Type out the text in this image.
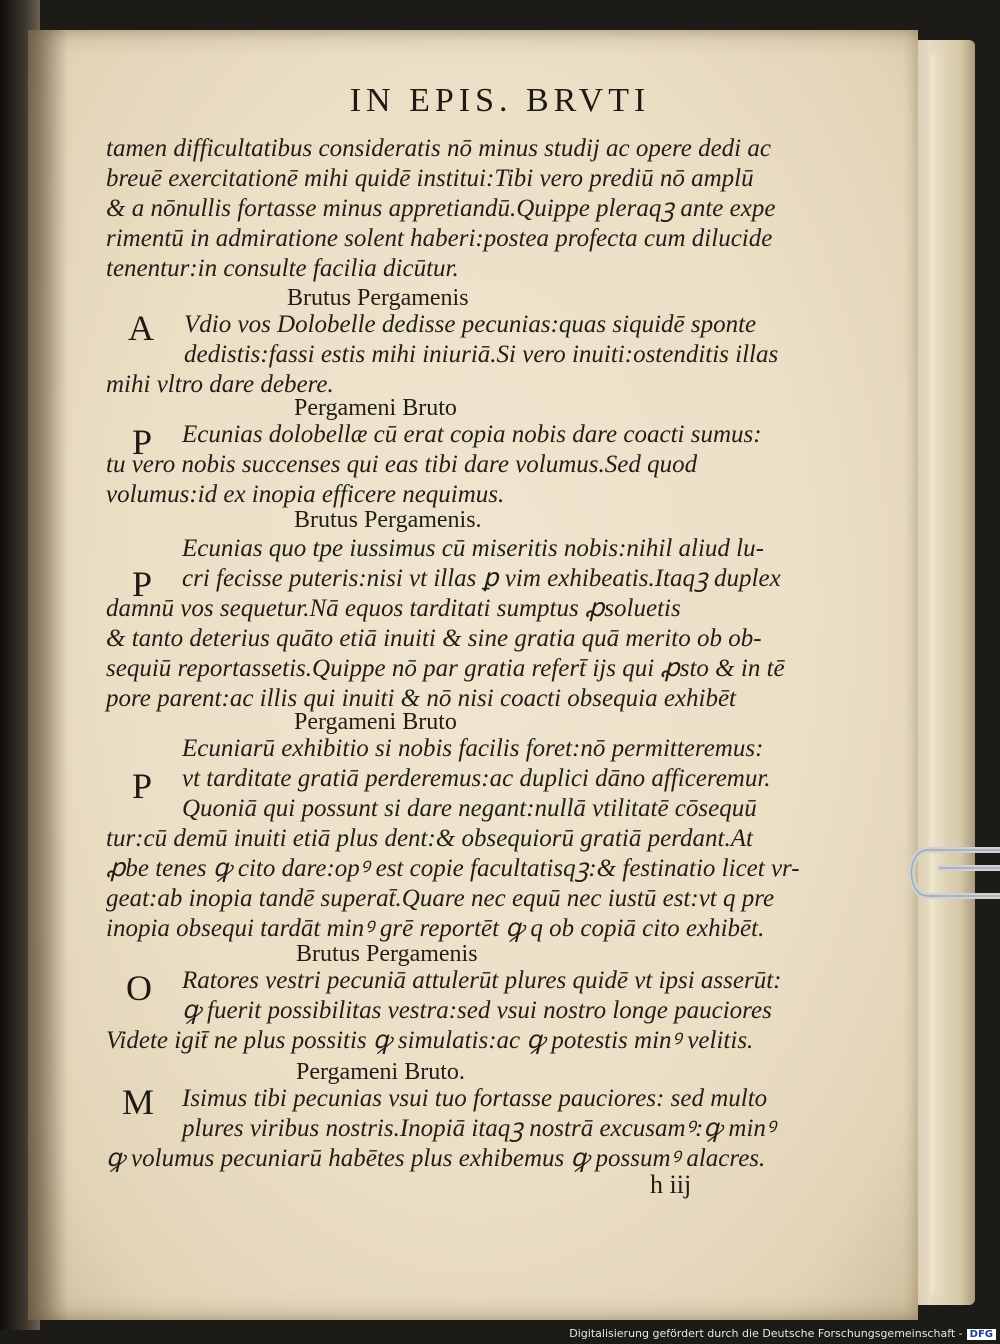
IN EPIS. BRVTI
tamen difficultatibus consideratis nō minus studij ac opere dedi ac
breuē exercitationē mihi quidē institui:Tibi vero prediū nō amplū
& a nōnullis fortasse minus appretiandū.Quippe pleraqꝫ ante expe
rimentū in admiratione solent haberi:postea profecta cum dilucide
tenentur:in consulte facilia dicūtur.
Brutus Pergamenis
A Vdio vos Dolobelle dedisse pecunias:quas siquidē sponte
dedistis:fassi estis mihi iniuriā.Si vero inuiti:ostenditis illas
mihi vltro dare debere.
Pergameni Bruto
P Ecunias dolobellæ cū erat copia nobis dare coacti sumus:
tu vero nobis succenses qui eas tibi dare volumus.Sed quod
volumus:id ex inopia efficere nequimus.
Brutus Pergamenis.
P
Ecunias quo tpe iussimus cū miseritis nobis:nihil aliud lu-
cri fecisse puteris:nisi vt illas ꝑ vim exhibeatis.Itaqꝫ duplex
damnū vos sequetur.Nā equos tarditati sumptus ꝓsoluetis
& tanto deterius quāto etiā inuiti & sine gratia quā merito ob ob-
sequiū reportassetis.Quippe nō par gratia refert̄ ijs qui ꝓsto & in tē
pore parent:ac illis qui inuiti & nō nisi coacti obsequia exhibēt
Pergameni Bruto
P
Ecuniarū exhibitio si nobis facilis foret:nō permitteremus:
vt tarditate gratiā perderemus:ac duplici dāno afficeremur.
Quoniā qui possunt si dare negant:nullā vtilitatē cōsequū
tur:cū demū inuiti etiā plus dent:& obsequiorū gratiā perdant.At
ꝓbe tenes ꝙ cito dare:opꝰ est copie facultatisqꝫ:& festinatio licet vr-
geat:ab inopia tandē superat̄.Quare nec equū nec iustū est:vt q pre
inopia obsequi tardāt minꝰ grē reportēt ꝙ q ob copiā cito exhibēt.
Brutus Pergamenis
O Ratores vestri pecuniā attulerūt plures quidē vt ipsi asserūt:
ꝙ fuerit possibilitas vestra:sed vsui nostro longe pauciores
Videte igit̄ ne plus possitis ꝙ simulatis:ac ꝙ potestis minꝰ velitis.
Pergameni Bruto.
M Isimus tibi pecunias vsui tuo fortasse pauciores: sed multo
plures viribus nostris.Inopiā itaqꝫ nostrā excusamꝰ:ꝙ minꝰ
ꝙ volumus pecuniarū habētes plus exhibemus ꝙ possumꝰ alacres.
h iij
Digitalisierung gefördert durch die Deutsche Forschungsgemeinschaft - DFG
